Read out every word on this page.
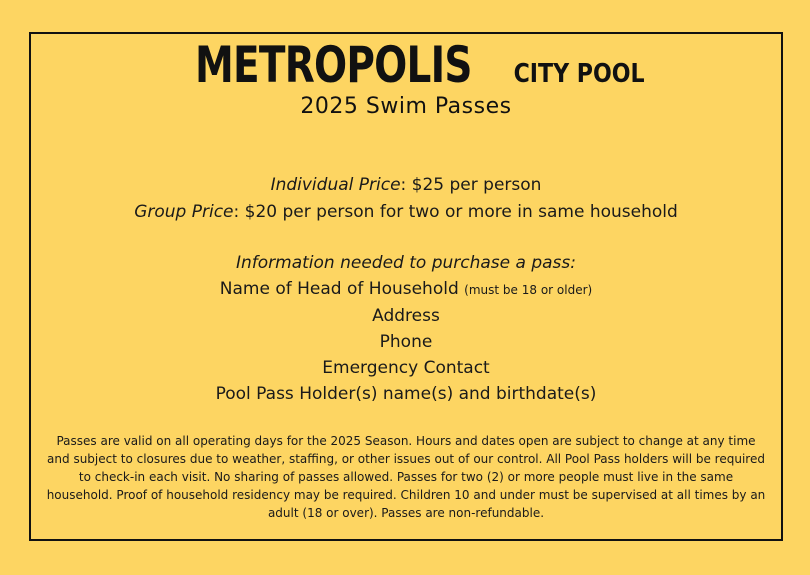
METROPOLIS CITY POOL
2025 Swim Passes
Individual Price: $25 per person
Group Price: $20 per person for two or more in same household
Information needed to purchase a pass:
Name of Head of Household (must be 18 or older)
Address
Phone
Emergency Contact
Pool Pass Holder(s) name(s) and birthdate(s)
Passes are valid on all operating days for the 2025 Season. Hours and dates open are subject to change at any time and subject to closures due to weather, staffing, or other issues out of our control. All Pool Pass holders will be required to check-in each visit. No sharing of passes allowed. Passes for two (2) or more people must live in the same household. Proof of household residency may be required. Children 10 and under must be supervised at all times by an adult (18 or over). Passes are non-refundable.
